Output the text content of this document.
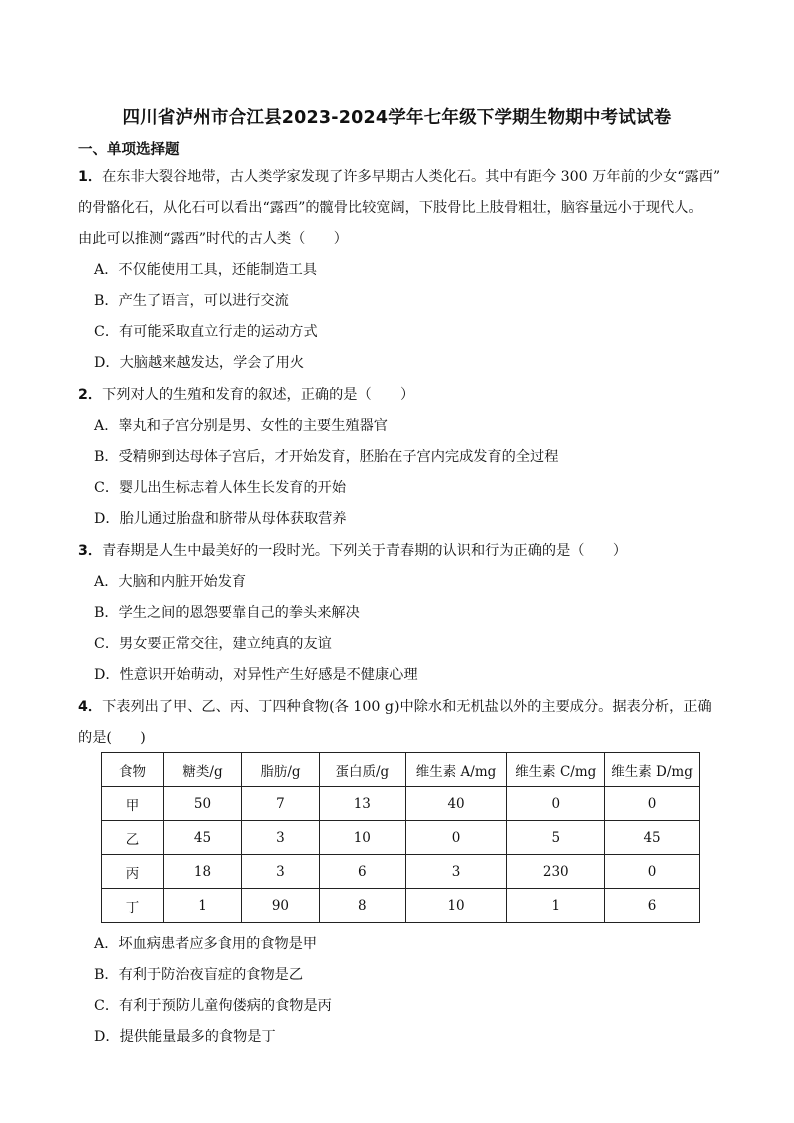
四川省泸州市合江县2023-2024学年七年级下学期生物期中考试试卷
一、单项选择题
1．在东非大裂谷地带，古人类学家发现了许多早期古人类化石。其中有距今 300 万年前的少女“露西”
的骨骼化石，从化石可以看出“露西”的髋骨比较宽阔，下肢骨比上肢骨粗壮，脑容量远小于现代人。
由此可以推测“露西”时代的古人类（　　）
A．不仅能使用工具，还能制造工具
B．产生了语言，可以进行交流
C．有可能采取直立行走的运动方式
D．大脑越来越发达，学会了用火
2．下列对人的生殖和发育的叙述，正确的是（　　）
A．睾丸和子宫分别是男、女性的主要生殖器官
B．受精卵到达母体子宫后，才开始发育，胚胎在子宫内完成发育的全过程
C．婴儿出生标志着人体生长发育的开始
D．胎儿通过胎盘和脐带从母体获取营养
3．青春期是人生中最美好的一段时光。下列关于青春期的认识和行为正确的是（　　）
A．大脑和内脏开始发育
B．学生之间的恩怨要靠自己的拳头来解决
C．男女要正常交往，建立纯真的友谊
D．性意识开始萌动，对异性产生好感是不健康心理
4．下表列出了甲、乙、丙、丁四种食物(各 100 g)中除水和无机盐以外的主要成分。据表分析，正确
的是(　　)
食物	糖类/g	脂肪/g	蛋白质/g	维生素 A/mg	维生素 C/mg	维生素 D/mg
甲	50	7	13	40	0	0
乙	45	3	10	0	5	45
丙	18	3	6	3	230	0
丁	1	90	8	10	1	6
A．坏血病患者应多食用的食物是甲
B．有利于防治夜盲症的食物是乙
C．有利于预防儿童佝偻病的食物是丙
D．提供能量最多的食物是丁
